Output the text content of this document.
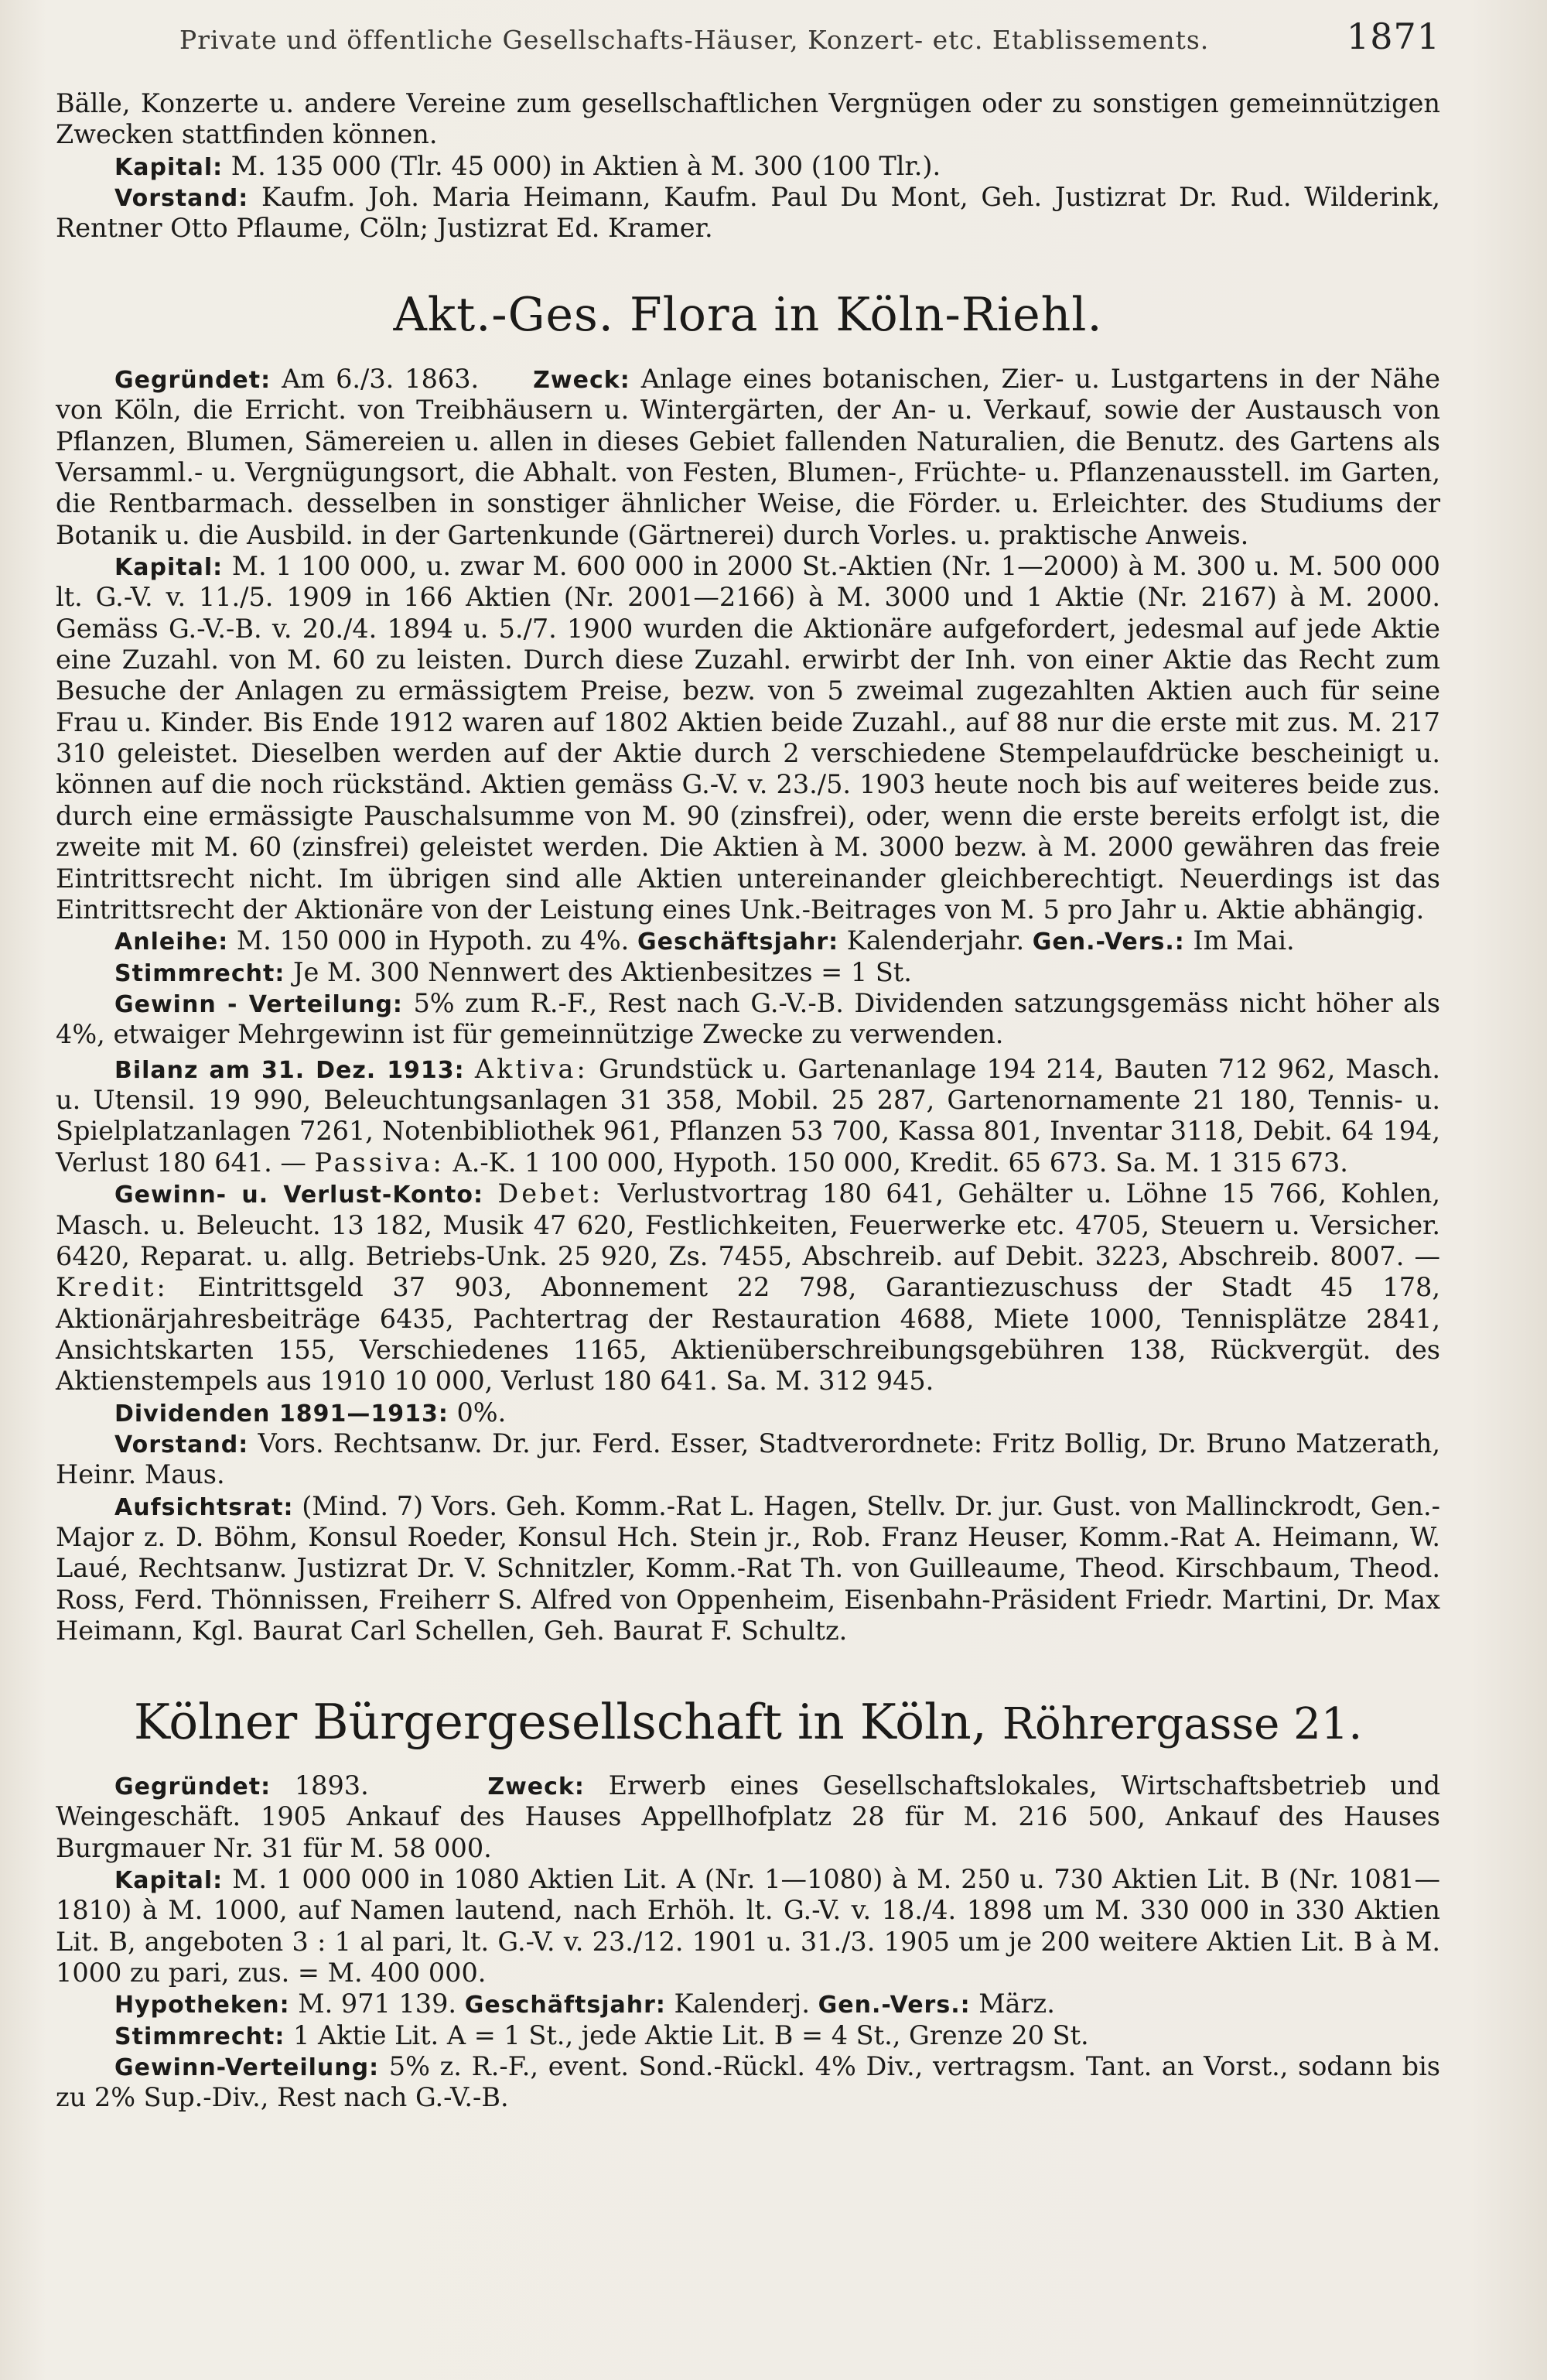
Private und öffentliche Gesellschafts-Häuser, Konzert- etc. Etablissements.	1871

Bälle, Konzerte u. andere Vereine zum gesellschaftlichen Vergnügen oder zu sonstigen gemeinnützigen Zwecken stattfinden können.

Kapital: M. 135 000 (Tlr. 45 000) in Aktien à M. 300 (100 Tlr.).

Vorstand: Kaufm. Joh. Maria Heimann, Kaufm. Paul Du Mont, Geh. Justizrat Dr. Rud. Wilderink, Rentner Otto Pflaume, Cöln; Justizrat Ed. Kramer.

Akt.-Ges. Flora in Köln-Riehl.

Gegründet: Am 6./3. 1863. Zweck: Anlage eines botanischen, Zier- u. Lustgartens in der Nähe von Köln, die Erricht. von Treibhäusern u. Wintergärten, der An- u. Verkauf, sowie der Austausch von Pflanzen, Blumen, Sämereien u. allen in dieses Gebiet fallenden Naturalien, die Benutz. des Gartens als Versamml.- u. Vergnügungsort, die Abhalt. von Festen, Blumen-, Früchte- u. Pflanzenausstell. im Garten, die Rentbarmach. desselben in sonstiger ähnlicher Weise, die Förder. u. Erleichter. des Studiums der Botanik u. die Ausbild. in der Gartenkunde (Gärtnerei) durch Vorles. u. praktische Anweis.

Kapital: M. 1 100 000, u. zwar M. 600 000 in 2000 St.-Aktien (Nr. 1—2000) à M. 300 u. M. 500 000 lt. G.-V. v. 11./5. 1909 in 166 Aktien (Nr. 2001—2166) à M. 3000 und 1 Aktie (Nr. 2167) à M. 2000. Gemäss G.-V.-B. v. 20./4. 1894 u. 5./7. 1900 wurden die Aktionäre aufgefordert, jedesmal auf jede Aktie eine Zuzahl. von M. 60 zu leisten. Durch diese Zuzahl. erwirbt der Inh. von einer Aktie das Recht zum Besuche der Anlagen zu ermässigtem Preise, bezw. von 5 zweimal zugezahlten Aktien auch für seine Frau u. Kinder. Bis Ende 1912 waren auf 1802 Aktien beide Zuzahl., auf 88 nur die erste mit zus. M. 217 310 geleistet. Dieselben werden auf der Aktie durch 2 verschiedene Stempelaufdrücke bescheinigt u. können auf die noch rückständ. Aktien gemäss G.-V. v. 23./5. 1903 heute noch bis auf weiteres beide zus. durch eine ermässigte Pauschalsumme von M. 90 (zinsfrei), oder, wenn die erste bereits erfolgt ist, die zweite mit M. 60 (zinsfrei) geleistet werden. Die Aktien à M. 3000 bezw. à M. 2000 gewähren das freie Eintrittsrecht nicht. Im übrigen sind alle Aktien untereinander gleichberechtigt. Neuerdings ist das Eintrittsrecht der Aktionäre von der Leistung eines Unk.-Beitrages von M. 5 pro Jahr u. Aktie abhängig.

Anleihe: M. 150 000 in Hypoth. zu 4%. Geschäftsjahr: Kalenderjahr. Gen.-Vers.: Im Mai.

Stimmrecht: Je M. 300 Nennwert des Aktienbesitzes = 1 St.

Gewinn - Verteilung: 5% zum R.-F., Rest nach G.-V.-B. Dividenden satzungsgemäss nicht höher als 4%, etwaiger Mehrgewinn ist für gemeinnützige Zwecke zu verwenden.

Bilanz am 31. Dez. 1913: Aktiva: Grundstück u. Gartenanlage 194 214, Bauten 712 962, Masch. u. Utensil. 19 990, Beleuchtungsanlagen 31 358, Mobil. 25 287, Gartenornamente 21 180, Tennis- u. Spielplatzanlagen 7261, Notenbibliothek 961, Pflanzen 53 700, Kassa 801, Inventar 3118, Debit. 64 194, Verlust 180 641. — Passiva: A.-K. 1 100 000, Hypoth. 150 000, Kredit. 65 673. Sa. M. 1 315 673.

Gewinn- u. Verlust-Konto: Debet: Verlustvortrag 180 641, Gehälter u. Löhne 15 766, Kohlen, Masch. u. Beleucht. 13 182, Musik 47 620, Festlichkeiten, Feuerwerke etc. 4705, Steuern u. Versicher. 6420, Reparat. u. allg. Betriebs-Unk. 25 920, Zs. 7455, Abschreib. auf Debit. 3223, Abschreib. 8007. — Kredit: Eintrittsgeld 37 903, Abonnement 22 798, Garantiezuschuss der Stadt 45 178, Aktionärjahresbeiträge 6435, Pachtertrag der Restauration 4688, Miete 1000, Tennisplätze 2841, Ansichtskarten 155, Verschiedenes 1165, Aktienüberschreibungsgebühren 138, Rückvergüt. des Aktienstempels aus 1910 10 000, Verlust 180 641. Sa. M. 312 945.

Dividenden 1891—1913: 0%.

Vorstand: Vors. Rechtsanw. Dr. jur. Ferd. Esser, Stadtverordnete: Fritz Bollig, Dr. Bruno Matzerath, Heinr. Maus.

Aufsichtsrat: (Mind. 7) Vors. Geh. Komm.-Rat L. Hagen, Stellv. Dr. jur. Gust. von Mallinckrodt, Gen.-Major z. D. Böhm, Konsul Roeder, Konsul Hch. Stein jr., Rob. Franz Heuser, Komm.-Rat A. Heimann, W. Laué, Rechtsanw. Justizrat Dr. V. Schnitzler, Komm.-Rat Th. von Guilleaume, Theod. Kirschbaum, Theod. Ross, Ferd. Thönnissen, Freiherr S. Alfred von Oppenheim, Eisenbahn-Präsident Friedr. Martini, Dr. Max Heimann, Kgl. Baurat Carl Schellen, Geh. Baurat F. Schultz.

Kölner Bürgergesellschaft in Köln, Röhrergasse 21.

Gegründet: 1893.	Zweck: Erwerb eines Gesellschaftslokales, Wirtschaftsbetrieb und Weingeschäft. 1905 Ankauf des Hauses Appellhofplatz 28 für M. 216 500, Ankauf des Hauses Burgmauer Nr. 31 für M. 58 000.

Kapital: M. 1 000 000 in 1080 Aktien Lit. A (Nr. 1—1080) à M. 250 u. 730 Aktien Lit. B (Nr. 1081—1810) à M. 1000, auf Namen lautend, nach Erhöh. lt. G.-V. v. 18./4. 1898 um M. 330 000 in 330 Aktien Lit. B, angeboten 3 : 1 al pari, lt. G.-V. v. 23./12. 1901 u. 31./3. 1905 um je 200 weitere Aktien Lit. B à M. 1000 zu pari, zus. = M. 400 000.

Hypotheken: M. 971 139. Geschäftsjahr: Kalenderj. Gen.-Vers.: März.

Stimmrecht: 1 Aktie Lit. A = 1 St., jede Aktie Lit. B = 4 St., Grenze 20 St.

Gewinn-Verteilung: 5% z. R.-F., event. Sond.-Rückl. 4% Div., vertragsm. Tant. an Vorst., sodann bis zu 2% Sup.-Div., Rest nach G.-V.-B.
